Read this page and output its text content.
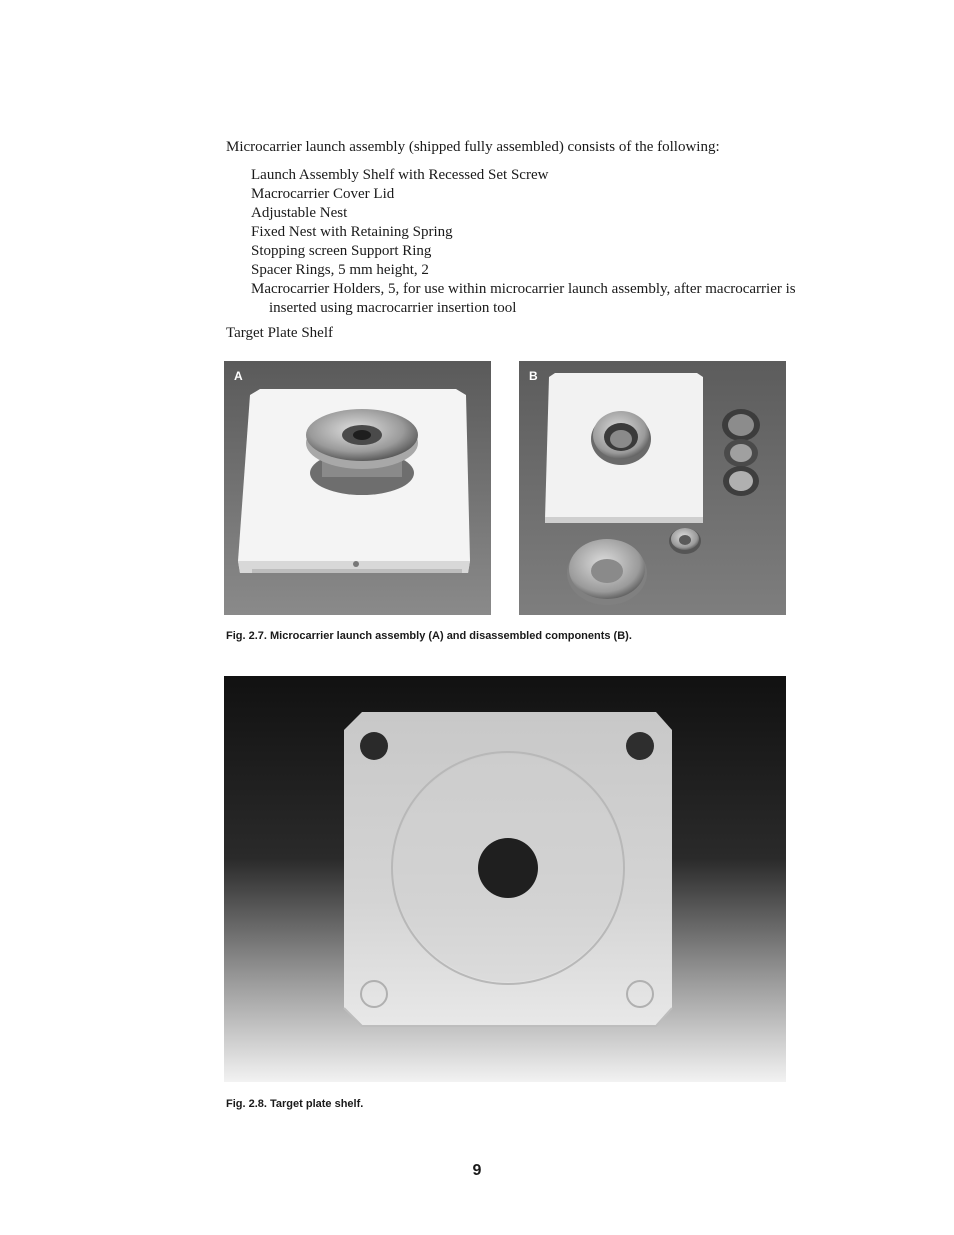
Microcarrier launch assembly (shipped fully assembled) consists of the following:

Launch Assembly Shelf with Recessed Set Screw
Macrocarrier Cover Lid
Adjustable Nest
Fixed Nest with Retaining Spring
Stopping screen Support Ring
Spacer Rings, 5 mm height, 2
Macrocarrier Holders, 5, for use within microcarrier launch assembly, after macrocarrier is inserted using macrocarrier insertion tool

Target Plate Shelf

A	B
Fig. 2.7. Microcarrier launch assembly (A) and disassembled components (B).
Fig. 2.8. Target plate shelf.
9
